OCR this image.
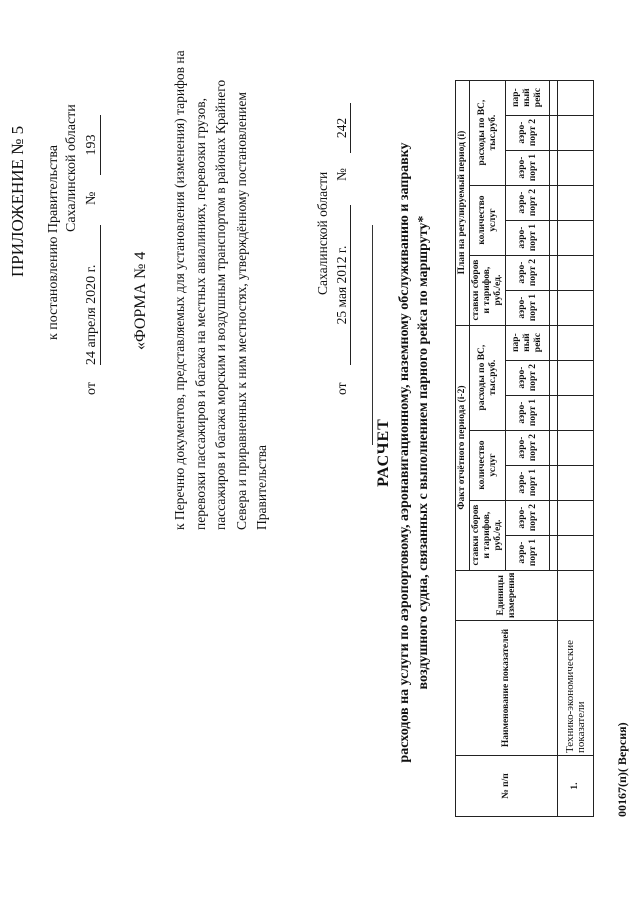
ПРИЛОЖЕНИЕ № 5 к постановлению Правительства Сахалинской области
от
24 апреля 2020 г.
№
193
«ФОРМА № 4 к Перечню документов, представляемых для установления (изменения) тарифов на перевозки пассажиров и багажа на местных авиалиниях, перевозки грузов, пассажиров и багажа морским и воздушным транспортом в районах Крайнего Севера и приравненных к ним местностях, утверждённому постановлением Правительства
Сахалинской области
от
25 мая 2012 г.
№
242
РАСЧЕТ расходов на услуги по аэропортовому, аэронавигационному, наземному обслуживанию и заправку воздушного судна, связанных с выполнением парного рейса по маршруту*
№ п/п	Наименование показателей	Единицы измерения	Факт отчётного периода (i-2)							План на регулируемый период (i)						
			ставки сборов и тарифов, руб./ед.		количество услуг		расходы по ВС, тыс.руб.			ставки сборов и тарифов, руб./ед.		количество услуг		расходы по ВС, тыс.руб.		
			аэро-порт 1	аэро-порт 2	аэро-порт 1	аэро-порт 2	аэро-порт 1	аэро-порт 2	пар-ный рейс	аэро-порт 1	аэро-порт 2	аэро-порт 1	аэро-порт 2	аэро-порт 1	аэро-порт 2	пар-ный рейс

1.	Технико-экономические показатели															00167(п)( Версия)
